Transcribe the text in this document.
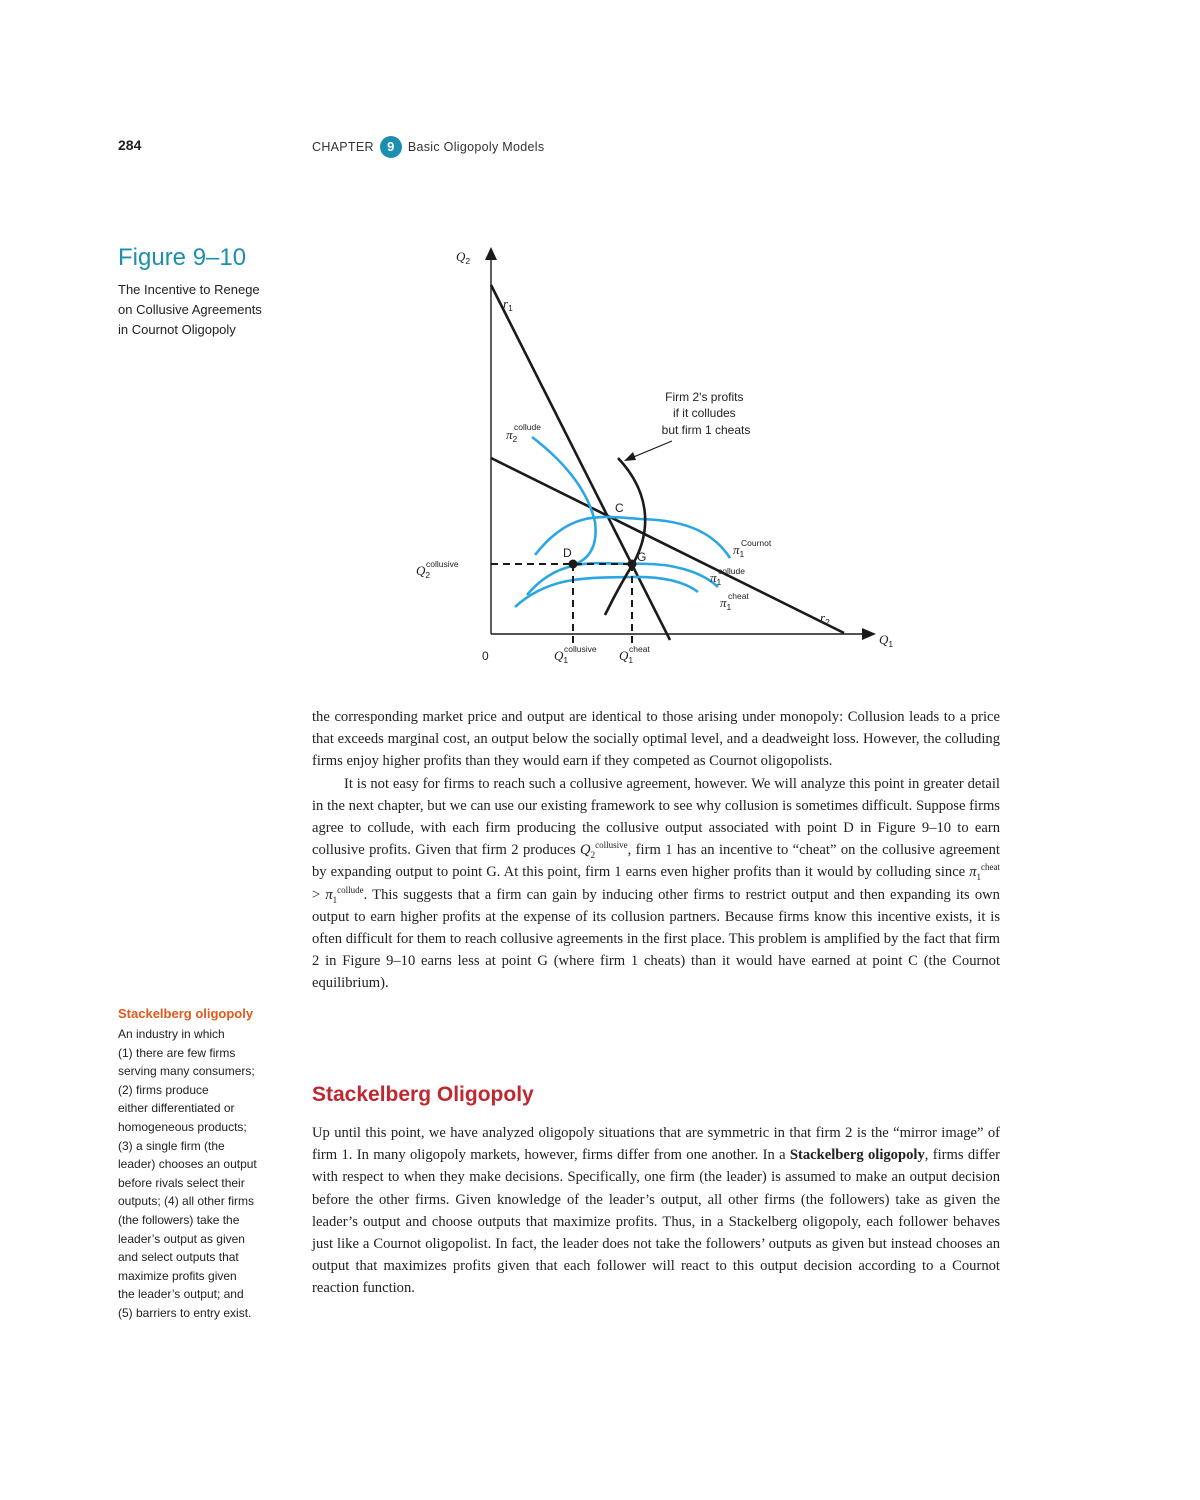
284	CHAPTER	9	Basic Oligopoly Models
Figure 9–10
The Incentive to Renege
on Collusive Agreements
in Cournot Oligopoly
D	G
C
Firm 2's profits if it colludes but firm 1 cheats
Q2
Q1
0
r1
r2
π2collude
π1Cournot
π1collude
π1cheat
Q2collusive
Q1collusive Q1cheat

the corresponding market price and output are identical to those arising under monopoly: Collusion leads to a price that exceeds marginal cost, an output below the socially optimal level, and a deadweight loss. However, the colluding firms enjoy higher profits than they would earn if they competed as Cournot oligopolists.

It is not easy for firms to reach such a collusive agreement, however. We will analyze this point in greater detail in the next chapter, but we can use our existing framework to see why collusion is sometimes difficult. Suppose firms agree to collude, with each firm producing the collusive output associated with point D in Figure 9–10 to earn collusive profits. Given that firm 2 produces $Q_2^{collusive}$, firm 1 has an incentive to “cheat” on the collusive agreement by expanding output to point G. At this point, firm 1 earns even higher profits than it would by colluding since $\pi_1^{cheat} > \pi_1^{collude}$. This suggests that a firm can gain by inducing other firms to restrict output and then expanding its own output to earn higher profits at the expense of its collusion partners. Because firms know this incentive exists, it is often difficult for them to reach collusive agreements in the first place. This problem is amplified by the fact that firm 2 in Figure 9–10 earns less at point G (where firm 1 cheats) than it would have earned at point C (the Cournot equilibrium).

Stackelberg Oligopoly

Up until this point, we have analyzed oligopoly situations that are symmetric in that firm 2 is the “mirror image” of firm 1. In many oligopoly markets, however, firms differ from one another. In a Stackelberg oligopoly, firms differ with respect to when they make decisions. Specifically, one firm (the leader) is assumed to make an output decision before the other firms. Given knowledge of the leader’s output, all other firms (the followers) take as given the leader’s output and choose outputs that maximize profits. Thus, in a Stackelberg oligopoly, each follower behaves just like a Cournot oligopolist. In fact, the leader does not take the followers’ outputs as given but instead chooses an output that maximizes profits given that each follower will react to this output decision according to a Cournot reaction function.

Stackelberg oligopoly
An industry in which
(1) there are few firms
serving many consumers;
(2) firms produce
either differentiated or
homogeneous products;
(3) a single firm (the
leader) chooses an output
before rivals select their
outputs; (4) all other firms
(the followers) take the
leader’s output as given
and select outputs that
maximize profits given
the leader’s output; and
(5) barriers to entry exist.
